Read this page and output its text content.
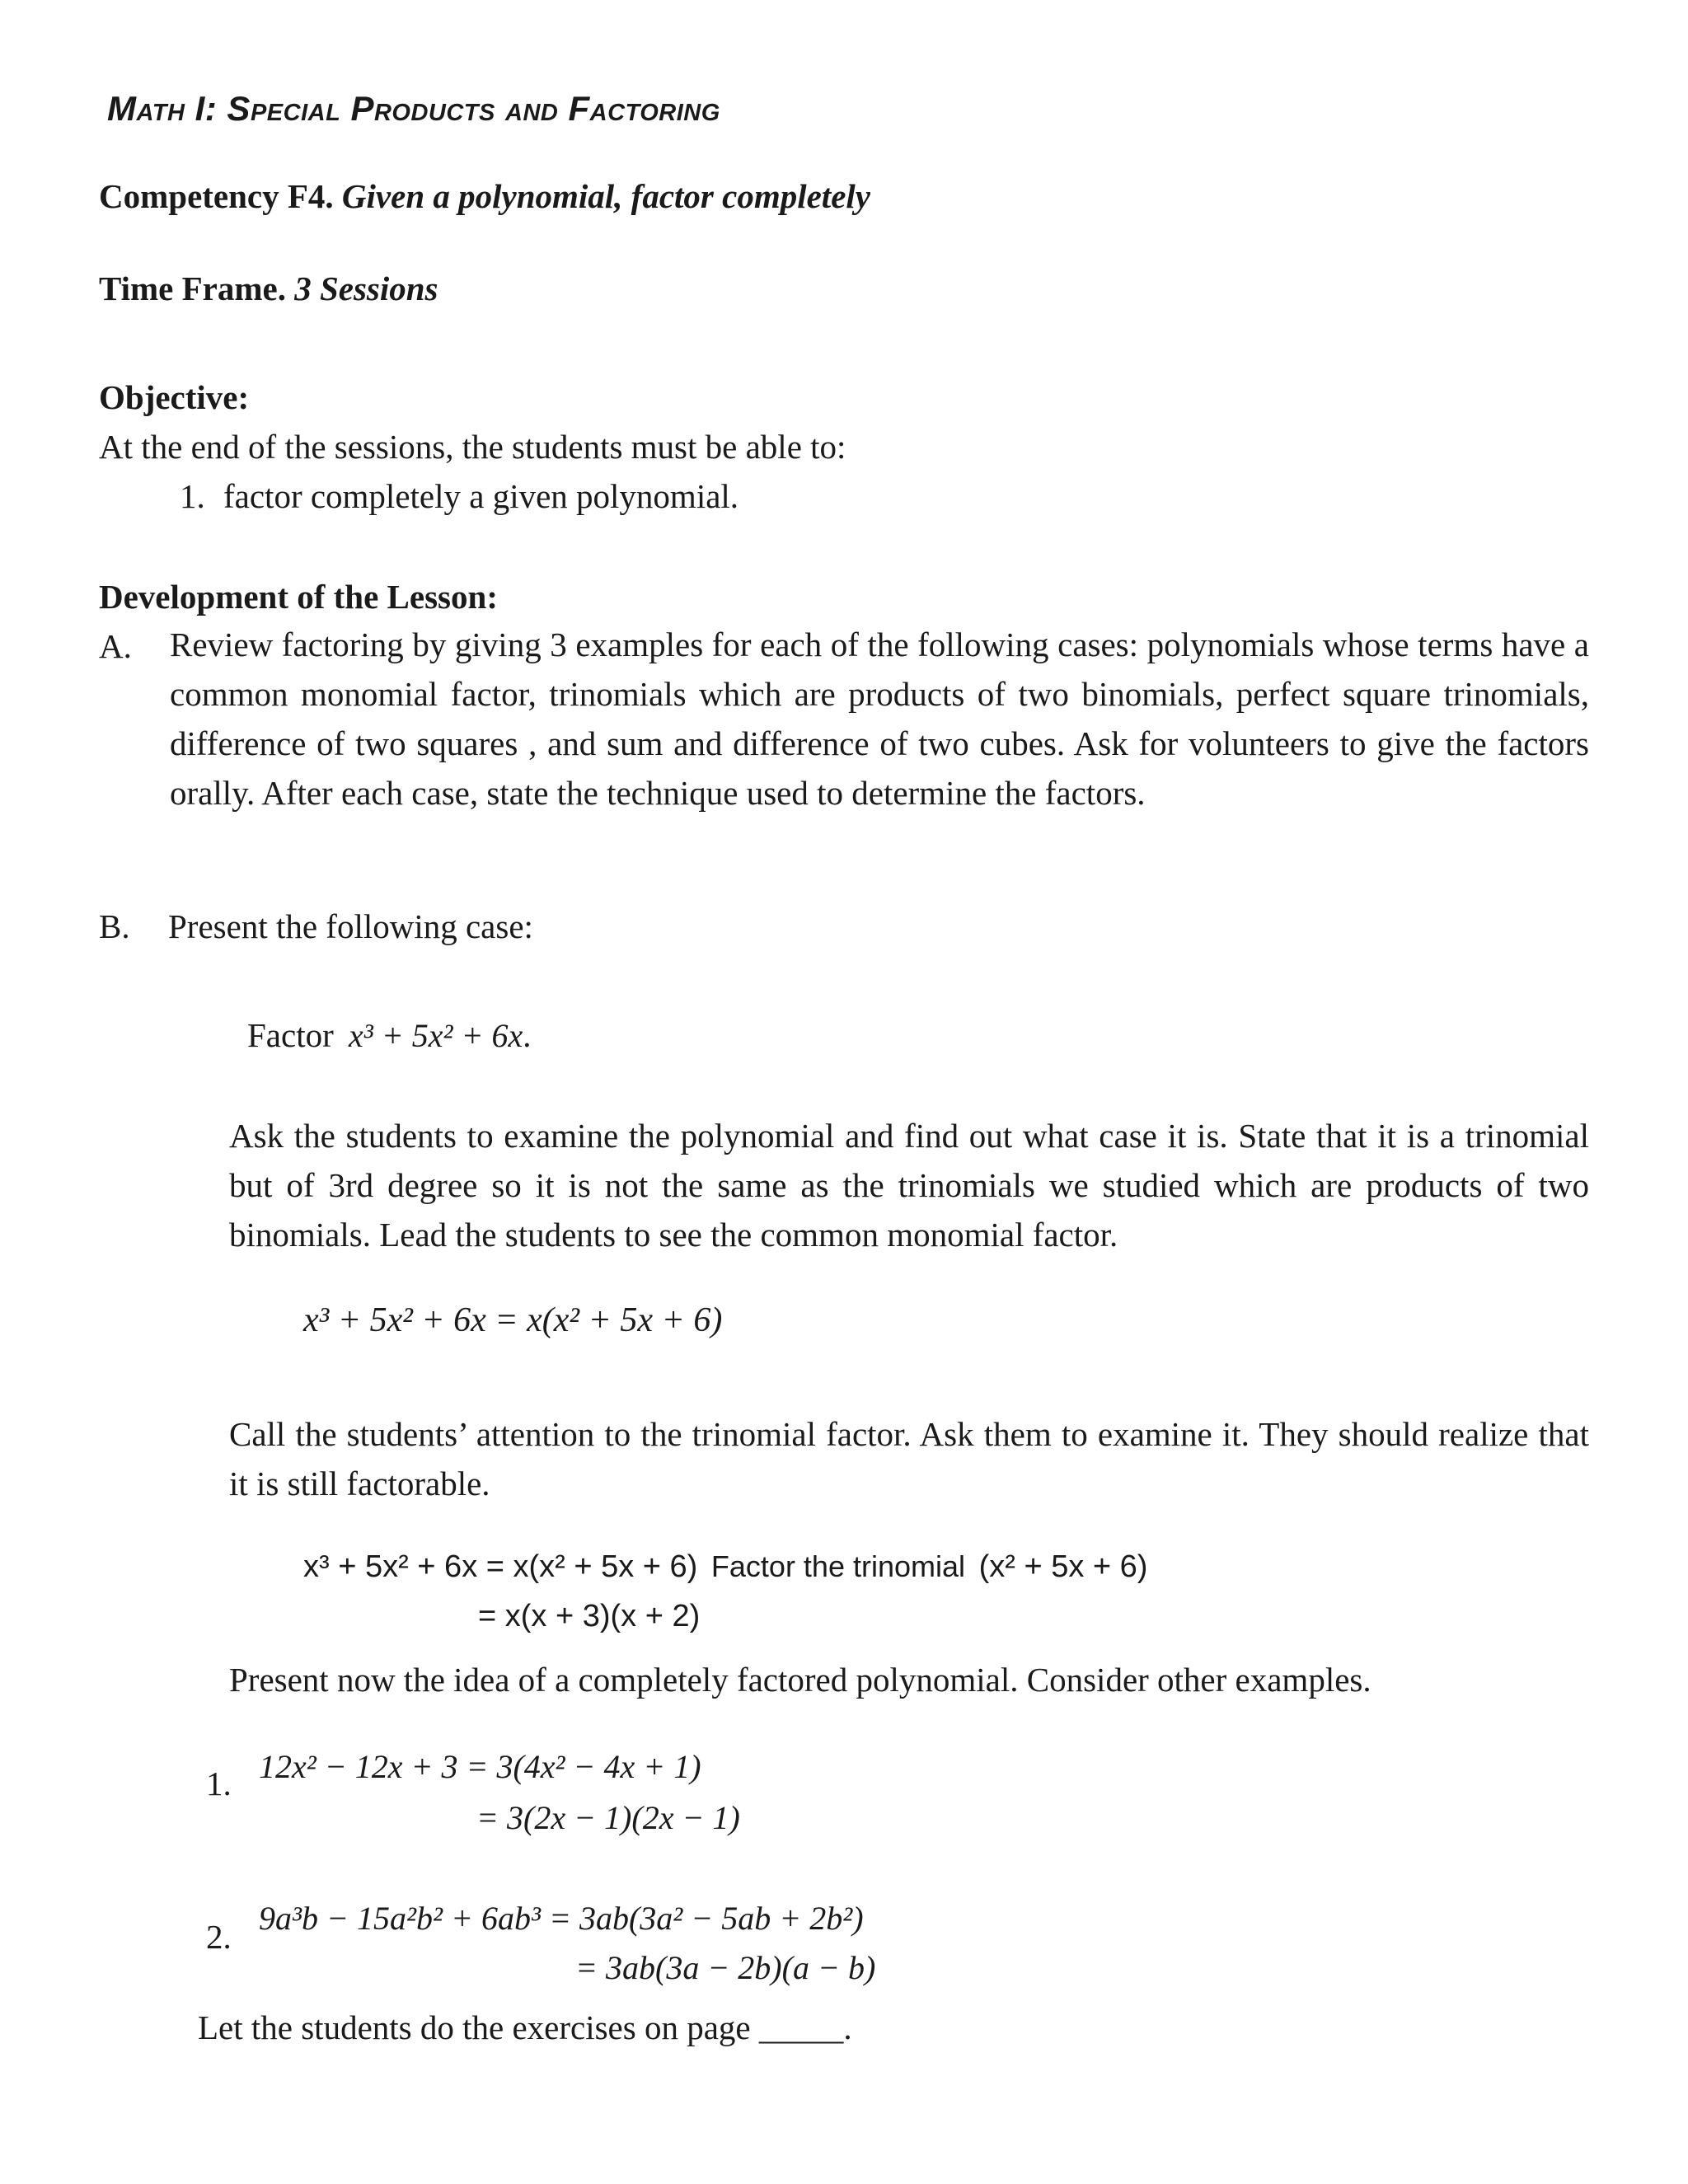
Math I: Special Products and Factoring
Competency F4. Given a polynomial, factor completely
Time Frame. 3 Sessions
Objective:
At the end of the sessions, the students must be able to:
1. factor completely a given polynomial.
Development of the Lesson:
A. Review factoring by giving 3 examples for each of the following cases: polynomials whose terms have a common monomial factor, trinomials which are products of two binomials, perfect square trinomials, difference of two squares , and sum and difference of two cubes. Ask for volunteers to give the factors orally. After each case, state the technique used to determine the factors.
B. Present the following case:
Factor x³ + 5x² + 6x.
Ask the students to examine the polynomial and find out what case it is. State that it is a trinomial but of 3rd degree so it is not the same as the trinomials we studied which are products of two binomials. Lead the students to see the common monomial factor.
x³ + 5x² + 6x = x(x² + 5x + 6)
Call the students’ attention to the trinomial factor. Ask them to examine it. They should realize that it is still factorable.
x³ + 5x² + 6x = x(x² + 5x + 6) Factor the trinomial (x² + 5x + 6)
= x(x + 3)(x + 2)
Present now the idea of a completely factored polynomial. Consider other examples.
1. 12x² − 12x + 3 = 3(4x² − 4x + 1)
= 3(2x − 1)(2x − 1)
2. 9a³b − 15a²b² + 6ab³ = 3ab(3a² − 5ab + 2b²)
= 3ab(3a − 2b)(a − b)
Let the students do the exercises on page _____.
